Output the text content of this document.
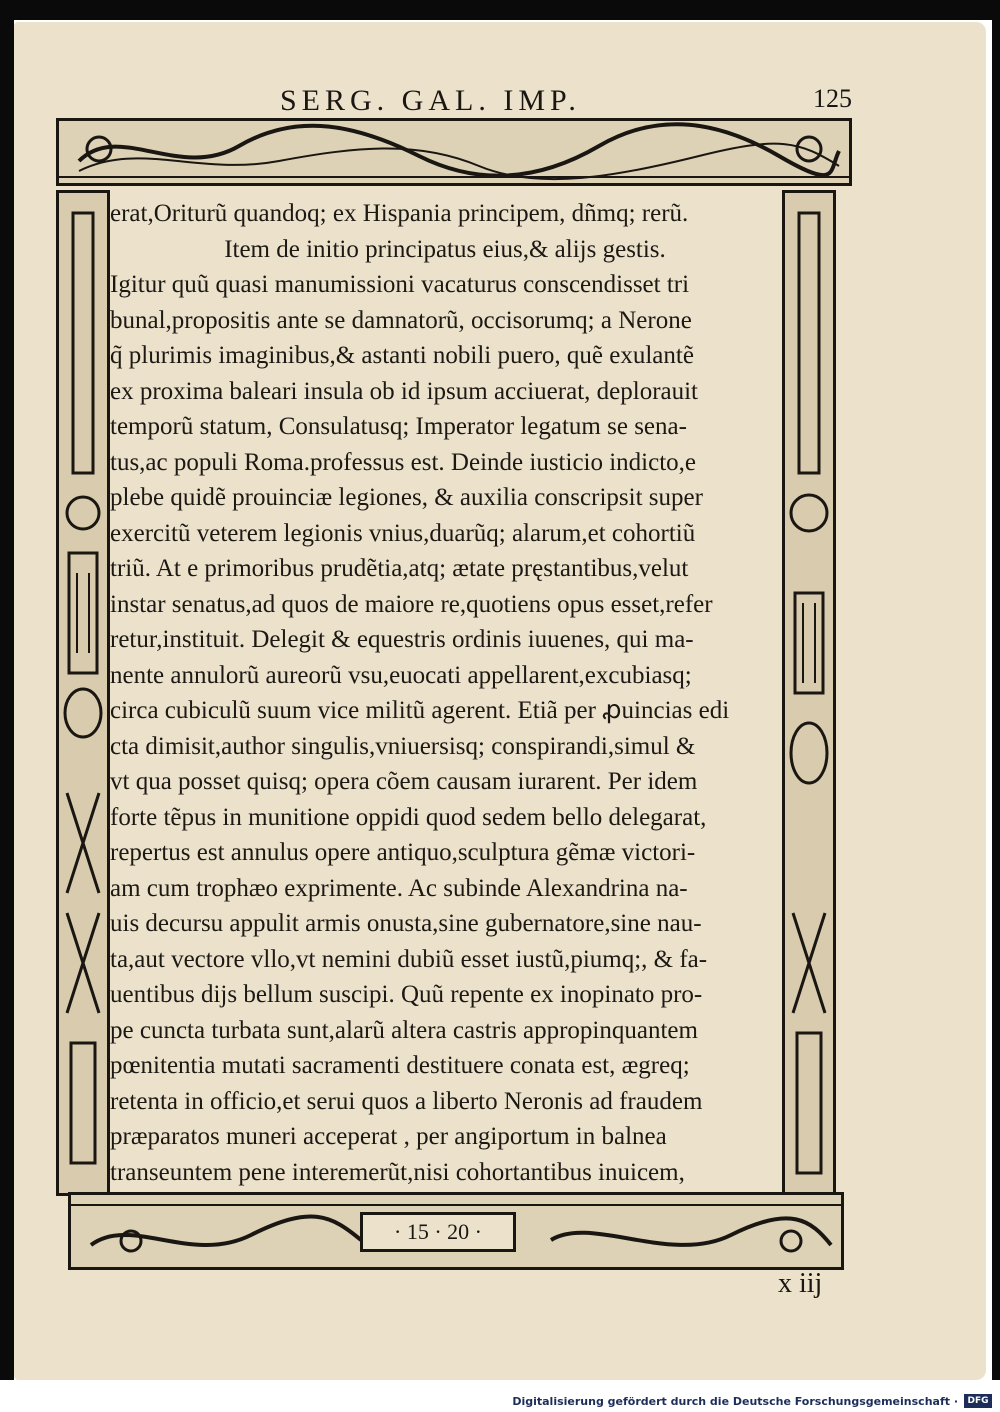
SERG. GAL. IMP.	125
erat,Oriturũ quandoq; ex Hispania principem, dñmq; rerũ.
Item de initio principatus eius,& alijs gestis.
Igitur quũ quasi manumissioni vacaturus conscendisset tri
bunal,propositis ante se damnatorũ, occisorumq; a Nerone
q̃ plurimis imaginibus,& astanti nobili puero, quẽ exulantẽ
ex proxima baleari insula ob id ipsum acciuerat, deplorauit
temporũ statum, Consulatusq; Imperator legatum se sena-
tus,ac populi Roma.professus est. Deinde iusticio indicto,e
plebe quidẽ prouinciæ legiones, & auxilia conscripsit super
exercitũ veterem legionis vnius,duarũq; alarum,et cohortiũ
triũ. At e primoribus prudẽtia,atq; ætate pręstantibus,velut
instar senatus,ad quos de maiore re,quotiens opus esset,refer
retur,instituit. Delegit & equestris ordinis iuuenes, qui ma-
nente annulorũ aureorũ vsu,euocati appellarent,excubiasq;
circa cubiculũ suum vice militũ agerent. Etiã per ꝓuincias edi
cta dimisit,author singulis,vniuersisq; conspirandi,simul &
vt qua posset quisq; opera cõem causam iurarent. Per idem
forte tẽpus in munitione oppidi quod sedem bello delegarat,
repertus est annulus opere antiquo,sculptura gẽmæ victori-
am cum trophæo exprimente. Ac subinde Alexandrina na-
uis decursu appulit armis onusta,sine gubernatore,sine nau-
ta,aut vectore vllo,vt nemini dubiũ esset iustũ,piumq;, & fa-
uentibus dijs bellum suscipi. Quũ repente ex inopinato pro-
pe cuncta turbata sunt,alarũ altera castris appropinquantem
pœnitentia mutati sacramenti destituere conata est, ægreq;
retenta in officio,et serui quos a liberto Neronis ad fraudem
præparatos muneri acceperat , per angiportum in balnea
transeuntem pene interemerũt,nisi cohortantibus inuicem,
· 15 · 20 ·
x iij
Digitalisierung gefördert durch die Deutsche Forschungsgemeinschaft ·	DFG
